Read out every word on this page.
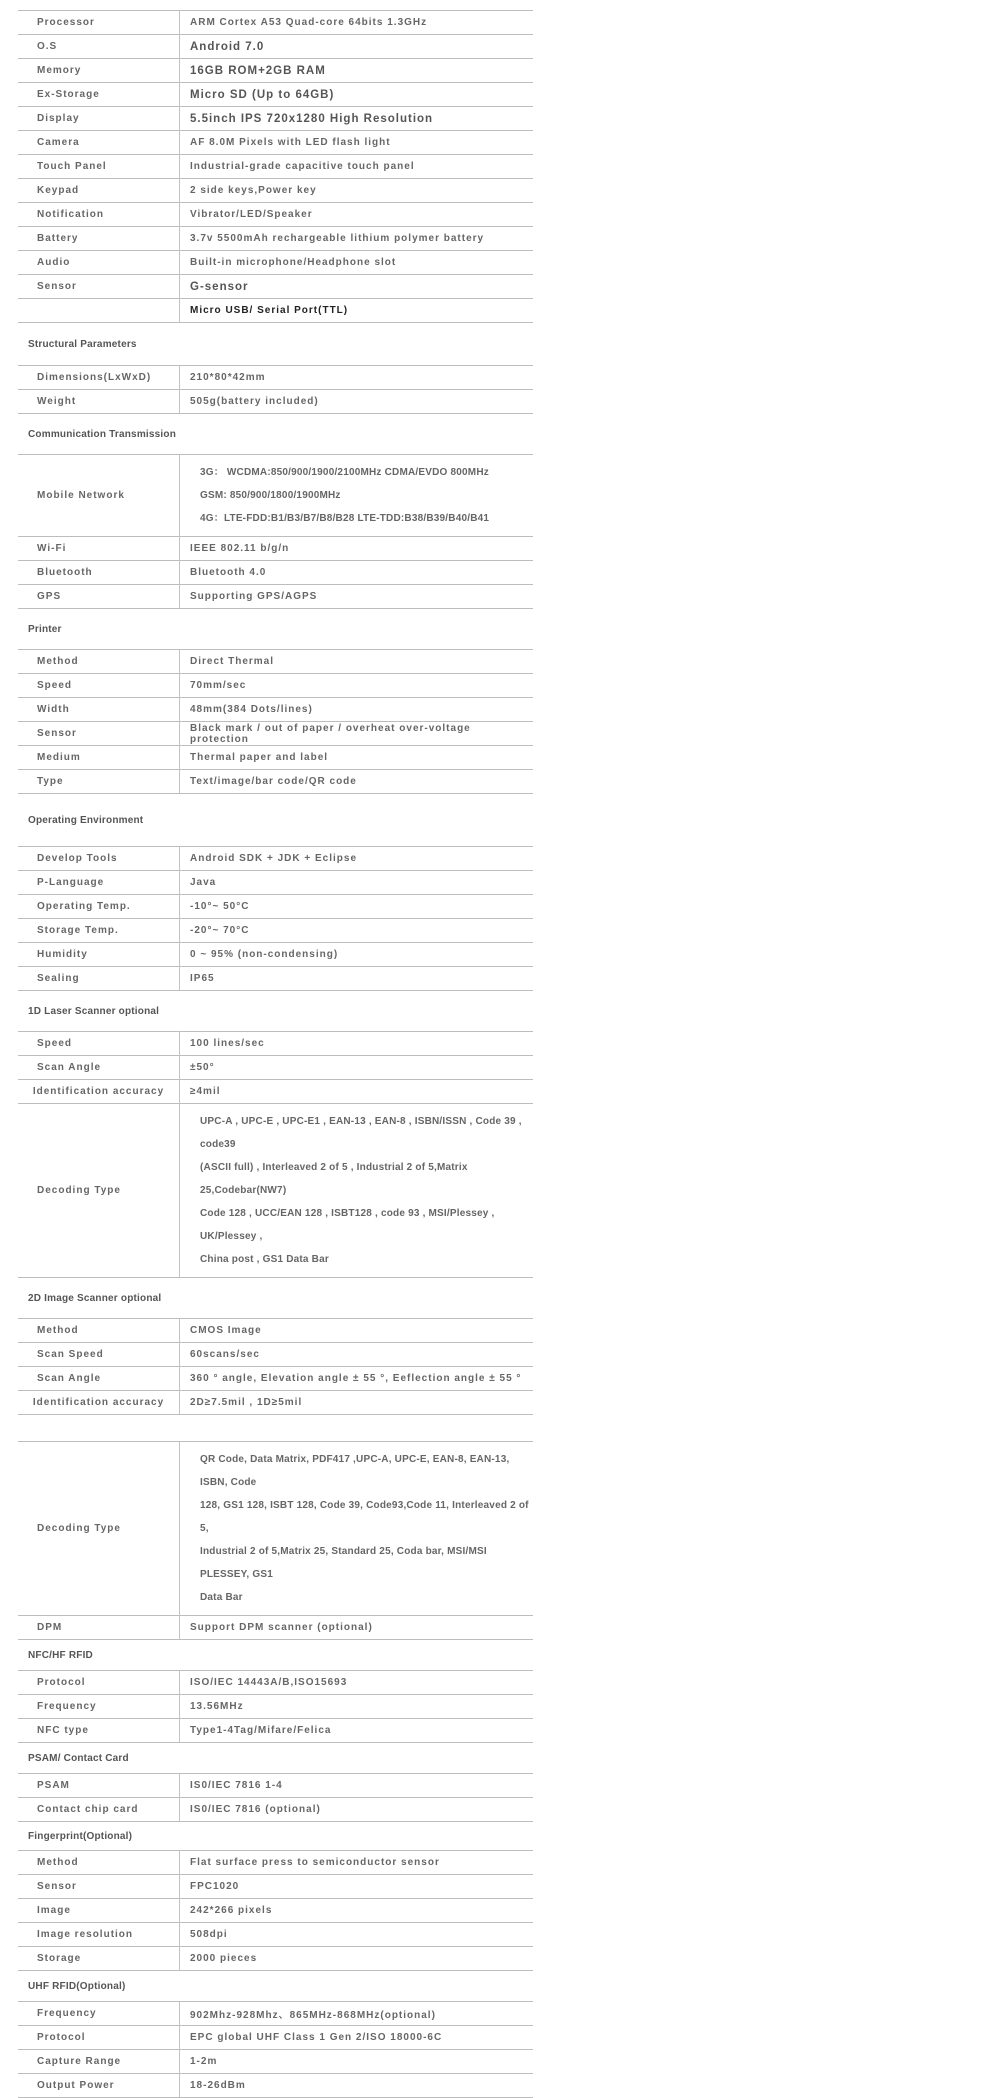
Processor	ARM Cortex A53 Quad-core 64bits 1.3GHz
O.S	Android 7.0
Memory	16GB ROM+2GB RAM
Ex-Storage	Micro SD (Up to 64GB)
Display	5.5inch IPS 720x1280 High Resolution
Camera	AF 8.0M Pixels with LED flash light
Touch Panel	Industrial-grade capacitive touch panel
Keypad	2 side keys,Power key
Notification	Vibrator/LED/Speaker
Battery	3.7v 5500mAh rechargeable lithium polymer battery
Audio	Built-in microphone/Headphone slot
Sensor	G-sensor
	Micro USB/ Serial Port(TTL)
Structural Parameters
Dimensions(LxWxD)	210*80*42mm
Weight	505g(battery included)
Communication Transmission
Mobile Network	3G： WCDMA:850/900/1900/2100MHz CDMA/EVDO 800MHz
GSM: 850/900/1800/1900MHz
4G：LTE-FDD:B1/B3/B7/B8/B28 LTE-TDD:B38/B39/B40/B41

Wi-Fi	IEEE 802.11 b/g/n
Bluetooth	Bluetooth 4.0
GPS	Supporting GPS/AGPS
Printer
Method	Direct Thermal
Speed	70mm/sec
Width	48mm(384 Dots/lines)
Sensor	Black mark / out of paper / overheat over-voltage protection
Medium	Thermal paper and label
Type	Text/image/bar code/QR code
Operating Environment
Develop Tools	Android SDK + JDK + Eclipse
P-Language	Java
Operating Temp.	-10°~ 50°C
Storage Temp.	-20°~ 70°C
Humidity	0 ~ 95% (non-condensing)
Sealing	IP65
1D Laser Scanner optional
Speed	100 lines/sec
Scan Angle	±50°
Identification accuracy	≥4mil
Decoding Type	UPC-A , UPC-E , UPC-E1 , EAN-13 , EAN-8 , ISBN/ISSN , Code 39 , code39
(ASCII full) , Interleaved 2 of 5 , Industrial 2 of 5,Matrix 25,Codebar(NW7)
Code 128 , UCC/EAN 128 , ISBT128 , code 93 , MSI/Plessey , UK/Plessey ,
China post , GS1 Data Bar
2D Image Scanner optional
Method	CMOS Image
Scan Speed	60scans/sec
Scan Angle	360 ° angle, Elevation angle ± 55 °, Eeflection angle ± 55 °
Identification accuracy	2D≥7.5mil , 1D≥5mil
Decoding Type	QR Code, Data Matrix, PDF417 ,UPC-A, UPC-E, EAN-8, EAN-13, ISBN, Code
128, GS1 128, ISBT 128, Code 39, Code93,Code 11, Interleaved 2 of 5,
Industrial 2 of 5,Matrix 25, Standard 25, Coda bar, MSI/MSI PLESSEY, GS1
Data Bar

DPM	Support DPM scanner (optional)
NFC/HF RFID
Protocol	ISO/IEC 14443A/B,ISO15693
Frequency	13.56MHz
NFC type	Type1-4Tag/Mifare/Felica
PSAM/ Contact Card
PSAM	IS0/IEC 7816 1-4
Contact chip card	IS0/IEC 7816 (optional)
Fingerprint(Optional)
Method	Flat surface press to semiconductor sensor
Sensor	FPC1020
Image	242*266 pixels
Image resolution	508dpi
Storage	2000 pieces
UHF RFID(Optional)
Frequency	902Mhz-928Mhz、865MHz-868MHz(optional)
Protocol	EPC global UHF Class 1 Gen 2/ISO 18000-6C
Capture Range	1-2m
Output Power	18-26dBm
